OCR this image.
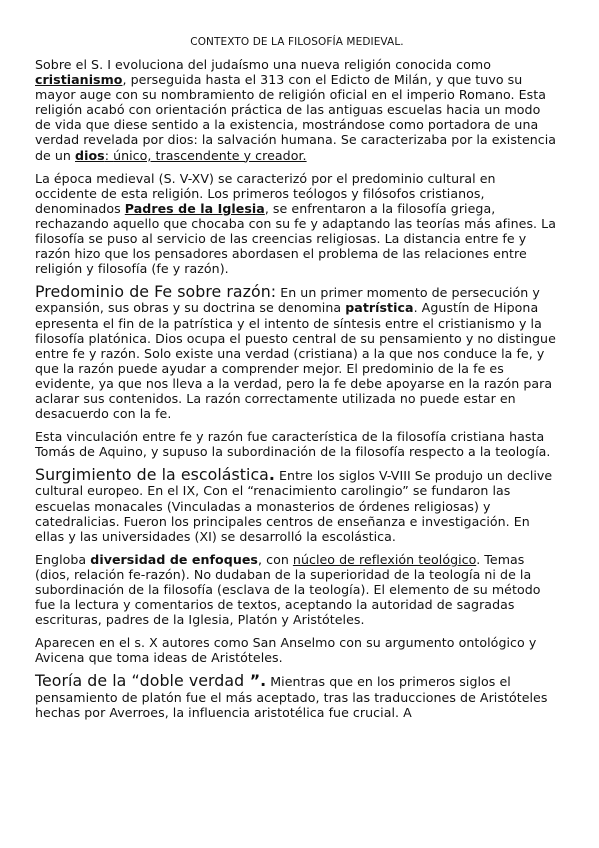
CONTEXTO DE LA FILOSOFÍA MEDIEVAL.

Sobre el S. I evoluciona del judaísmo una nueva religión conocida como cristianismo, perseguida hasta el 313 con el Edicto de Milán, y que tuvo su mayor auge con su nombramiento de religión oficial en el imperio Romano. Esta religión acabó con orientación práctica de las antiguas escuelas hacia un modo de vida que diese sentido a la existencia, mostrándose como portadora de una verdad revelada por dios: la salvación humana. Se caracterizaba por la existencia de un dios: único, trascendente y creador.

La época medieval (S. V-XV) se caracterizó por el predominio cultural en occidente de esta religión. Los primeros teólogos y filósofos cristianos, denominados Padres de la Iglesia, se enfrentaron a la filosofía griega, rechazando aquello que chocaba con su fe y adaptando las teorías más afines. La filosofía se puso al servicio de las creencias religiosas. La distancia entre fe y razón hizo que los pensadores abordasen el problema de las relaciones entre religión y filosofía (fe y razón).

Predominio de Fe sobre razón: En un primer momento de persecución y expansión, sus obras y su doctrina se denomina patrística. Agustín de Hipona epresenta el fin de la patrística y el intento de síntesis entre el cristianismo y la filosofía platónica. Dios ocupa el puesto central de su pensamiento y no distingue entre fe y razón. Solo existe una verdad (cristiana) a la que nos conduce la fe, y que la razón puede ayudar a comprender mejor. El predominio de la fe es evidente, ya que nos lleva a la verdad, pero la fe debe apoyarse en la razón para aclarar sus contenidos. La razón correctamente utilizada no puede estar en desacuerdo con la fe.

Esta vinculación entre fe y razón fue característica de la filosofía cristiana hasta Tomás de Aquino, y supuso la subordinación de la filosofía respecto a la teología.

Surgimiento de la escolástica. Entre los siglos V-VIII Se produjo un declive cultural europeo. En el IX, Con el “renacimiento carolingio” se fundaron las escuelas monacales (Vinculadas a monasterios de órdenes religiosas) y catedralicias. Fueron los principales centros de enseñanza e investigación. En ellas y las universidades (XI) se desarrolló la escolástica.

Engloba diversidad de enfoques, con núcleo de reflexión teológico. Temas (dios, relación fe-razón). No dudaban de la superioridad de la teología ni de la subordinación de la filosofía (esclava de la teología). El elemento de su método fue la lectura y comentarios de textos, aceptando la autoridad de sagradas escrituras, padres de la Iglesia, Platón y Aristóteles.

Aparecen en el s. X autores como San Anselmo con su argumento ontológico y Avicena que toma ideas de Aristóteles.

Teoría de la “doble verdad ”. Mientras que en los primeros siglos el pensamiento de platón fue el más aceptado, tras las traducciones de Aristóteles hechas por Averroes, la influencia aristotélica fue crucial. A
